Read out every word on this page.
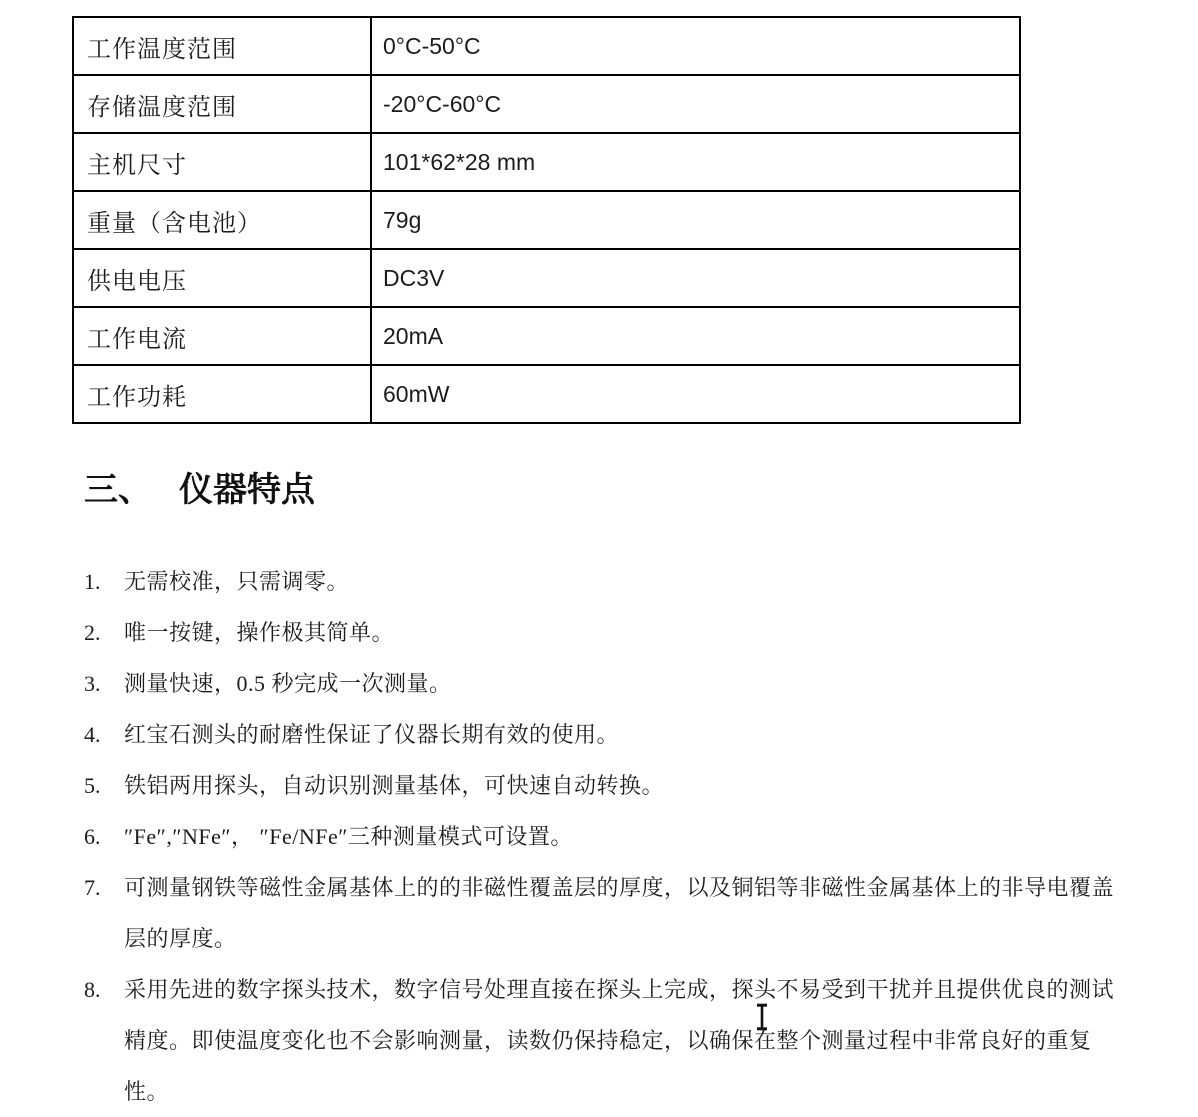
工作温度范围	0°C-50°C
存储温度范围	-20°C-60°C
主机尺寸	101*62*28 mm
重量（含电池）	79g
供电电压	DC3V
工作电流	20mA
工作功耗	60mW
三、 仪器特点
1.	无需校准，只需调零。
2.	唯一按键，操作极其简单。
3.	测量快速，0.5 秒完成一次测量。
4.	红宝石测头的耐磨性保证了仪器长期有效的使用。
5.	铁铝两用探头，自动识别测量基体，可快速自动转换。
6.	″Fe″,″NFe″， ″Fe/NFe″三种测量模式可设置。
7.	可测量钢铁等磁性金属基体上的的非磁性覆盖层的厚度，以及铜铝等非磁性金属基体上的非导电覆盖层的厚度。
8.	采用先进的数字探头技术，数字信号处理直接在探头上完成，探头不易受到干扰并且提供优良的测试精度。即使温度变化也不会影响测量，读数仍保持稳定，以确保在整个测量过程中非常良好的重复性。
